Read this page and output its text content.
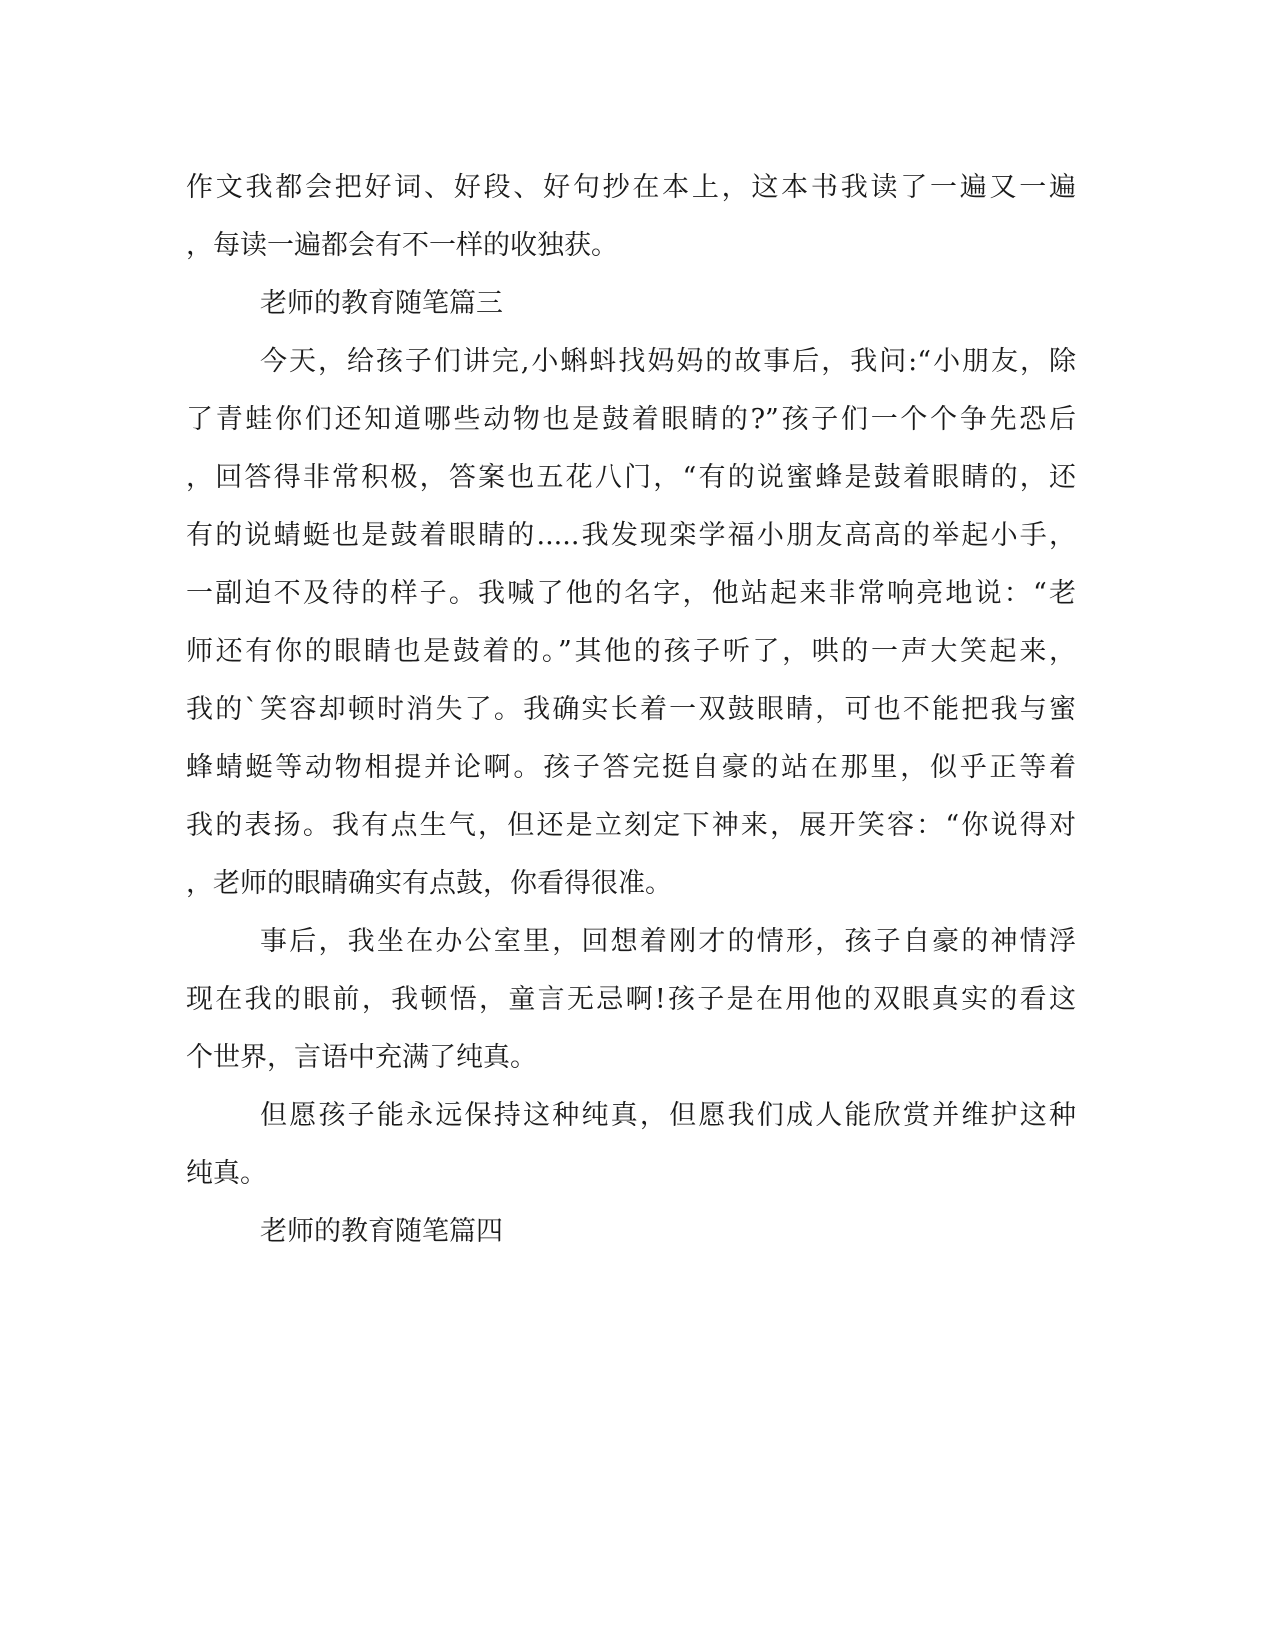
作文我都会把好词、好段、好句抄在本上，这本书我读了一遍又一遍
，每读一遍都会有不一样的收独获。
老师的教育随笔篇三
今天，给孩子们讲完,小蝌蚪找妈妈的故事后，我问:“小朋友，除
了青蛙你们还知道哪些动物也是鼓着眼睛的?”孩子们一个个争先恐后
，回答得非常积极，答案也五花八门，“有的说蜜蜂是鼓着眼睛的，还
有的说蜻蜓也是鼓着眼睛的.....我发现栾学福小朋友高高的举起小手，
一副迫不及待的样子。我喊了他的名字，他站起来非常响亮地说：“老
师还有你的眼睛也是鼓着的。”其他的孩子听了，哄的一声大笑起来，
我的`笑容却顿时消失了。我确实长着一双鼓眼睛，可也不能把我与蜜
蜂蜻蜓等动物相提并论啊。孩子答完挺自豪的站在那里，似乎正等着
我的表扬。我有点生气，但还是立刻定下神来，展开笑容：“你说得对
，老师的眼睛确实有点鼓，你看得很准。
事后，我坐在办公室里，回想着刚才的情形，孩子自豪的神情浮
现在我的眼前，我顿悟，童言无忌啊!孩子是在用他的双眼真实的看这
个世界，言语中充满了纯真。
但愿孩子能永远保持这种纯真，但愿我们成人能欣赏并维护这种
纯真。
老师的教育随笔篇四
